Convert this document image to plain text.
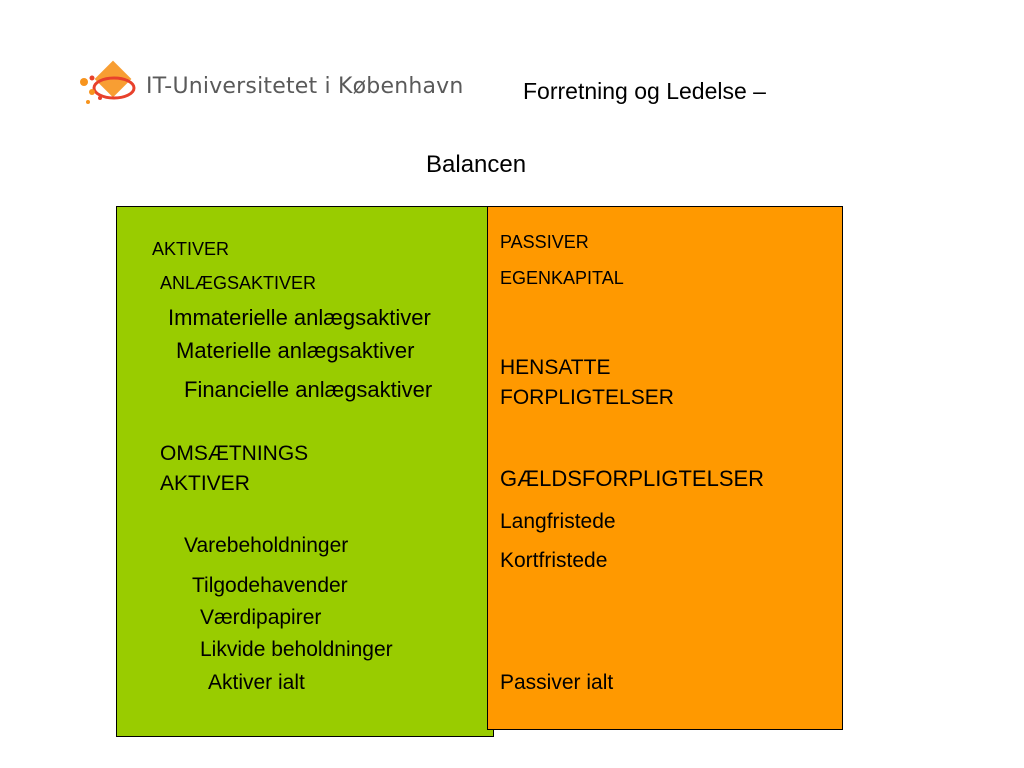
IT-Universitetet i København	Forretning og Ledelse –
Balancen
AKTIVER
ANLÆGSAKTIVER
Immaterielle anlægsaktiver
Materielle anlægsaktiver
Financielle anlægsaktiver
OMSÆTNINGS
AKTIVER
Varebeholdninger
Tilgodehavender
Værdipapirer
Likvide beholdninger
Aktiver ialt
PASSIVER
EGENKAPITAL
HENSATTE
FORPLIGTELSER
GÆLDSFORPLIGTELSER
Langfristede
Kortfristede
Passiver ialt
